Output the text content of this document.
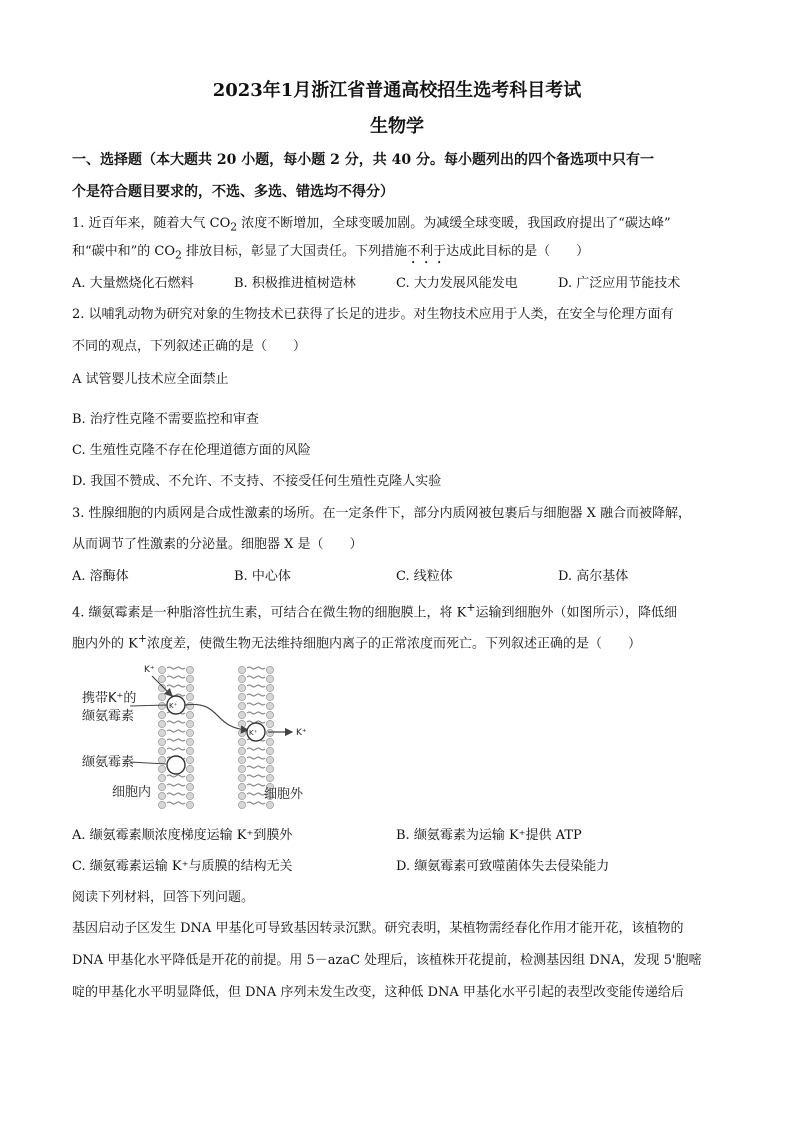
2023年1月浙江省普通高校招生选考科目考试
生物学
一、选择题（本大题共 20 小题，每小题 2 分，共 40 分。每小题列出的四个备选项中只有一
个是符合题目要求的，不选、多选、错选均不得分）
1. 近百年来，随着大气 $CO_2$ 浓度不断增加，全球变暖加剧。为减缓全球变暖，我国政府提出了“碳达峰”
和“碳中和”的 $CO_2$ 排放目标，彰显了大国责任。下列措施不利于达成此目标的是（　　）
A. 大量燃烧化石燃料	B. 积极推进植树造林	C. 大力发展风能发电	D. 广泛应用节能技术
2. 以哺乳动物为研究对象的生物技术已获得了长足的进步。对生物技术应用于人类，在安全与伦理方面有
不同的观点，下列叙述正确的是（　　）
A 试管婴儿技术应全面禁止
B. 治疗性克隆不需要监控和审查
C. 生殖性克隆不存在伦理道德方面的风险
D. 我国不赞成、不允许、不支持、不接受任何生殖性克隆人实验
3. 性腺细胞的内质网是合成性激素的场所。在一定条件下，部分内质网被包裹后与细胞器 X 融合而被降解，
从而调节了性激素的分泌量。细胞器 X 是（　　）
A. 溶酶体	B. 中心体	C. 线粒体	D. 高尔基体
4. 缬氨霉素是一种脂溶性抗生素，可结合在微生物的细胞膜上，将 K+运输到细胞外（如图所示），降低细
胞内外的 K+浓度差，使微生物无法维持细胞内离子的正常浓度而死亡。下列叙述正确的是（　　）
K⁺
K⁺
K⁺	K⁺
携带K⁺的
缬氨霉素
缬氨霉素
细胞内	细胞外
A. 缬氨霉素顺浓度梯度运输 K⁺到膜外	B. 缬氨霉素为运输 K⁺提供 ATP
C. 缬氨霉素运输 K⁺与质膜的结构无关	D. 缬氨霉素可致噬菌体失去侵染能力
阅读下列材料，回答下列问题。
基因启动子区发生 DNA 甲基化可导致基因转录沉默。研究表明，某植物需经春化作用才能开花，该植物的
DNA 甲基化水平降低是开花的前提。用 5－azaC 处理后，该植株开花提前，检测基因组 DNA，发现 5'胞嘧
啶的甲基化水平明显降低，但 DNA 序列未发生改变，这种低 DNA 甲基化水平引起的表型改变能传递给后
